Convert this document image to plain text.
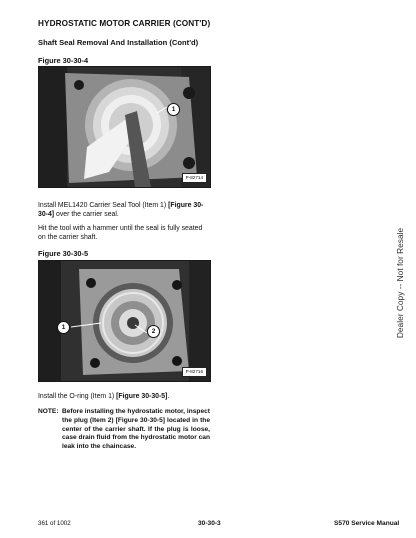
HYDROSTATIC MOTOR CARRIER (CONT'D)
Shaft Seal Removal And Installation (Cont'd)
Figure 30-30-4
1
P-82714
Install MEL1420 Carrier Seal Tool (Item 1) [Figure 30-30-4] over the carrier seal.
Hit the tool with a hammer until the seal is fully seated on the carrier shaft.
Figure 30-30-5
1
2
P-82716
Install the O-ring (Item 1) [Figure 30-30-5].
NOTE: Before installing the hydrostatic motor, inspect the plug (Item 2) [Figure 30-30-5] located in the center of the carrier shaft. If the plug is loose, case drain fluid from the hydrostatic motor can leak into the chaincase.
Dealer Copy -- Not for Resale
361 of 1002	30-30-3	S570 Service Manual
